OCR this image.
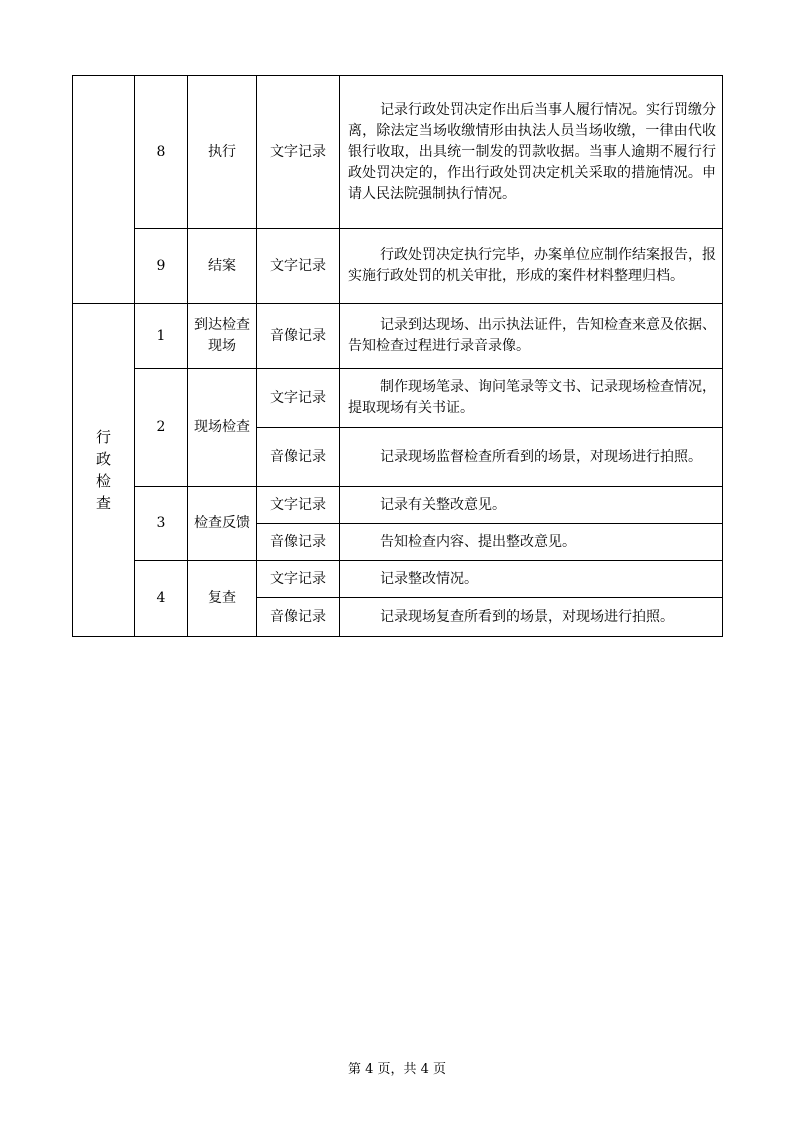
	8	执行	文字记录	记录行政处罚决定作出后当事人履行情况。实行罚缴分离，除法定当场收缴情形由执法人员当场收缴，一律由代收银行收取，出具统一制发的罚款收据。当事人逾期不履行行政处罚决定的，作出行政处罚决定机关采取的措施情况。申请人民法院强制执行情况。

	9	结案	文字记录	行政处罚决定执行完毕，办案单位应制作结案报告，报实施行政处罚的机关审批，形成的案件材料整理归档。

行政检查	1	到达检查现场	音像记录	记录到达现场、出示执法证件，告知检查来意及依据、告知检查过程进行录音录像。

	2	现场检查	文字记录	制作现场笔录、询问笔录等文书、记录现场检查情况，提取现场有关书证。

			音像记录	记录现场监督检查所看到的场景，对现场进行拍照。

	3	检查反馈	文字记录	记录有关整改意见。

			音像记录	告知检查内容、提出整改意见。

	4	复查	文字记录	记录整改情况。

			音像记录	记录现场复查所看到的场景，对现场进行拍照。

第 4 页，共 4 页
